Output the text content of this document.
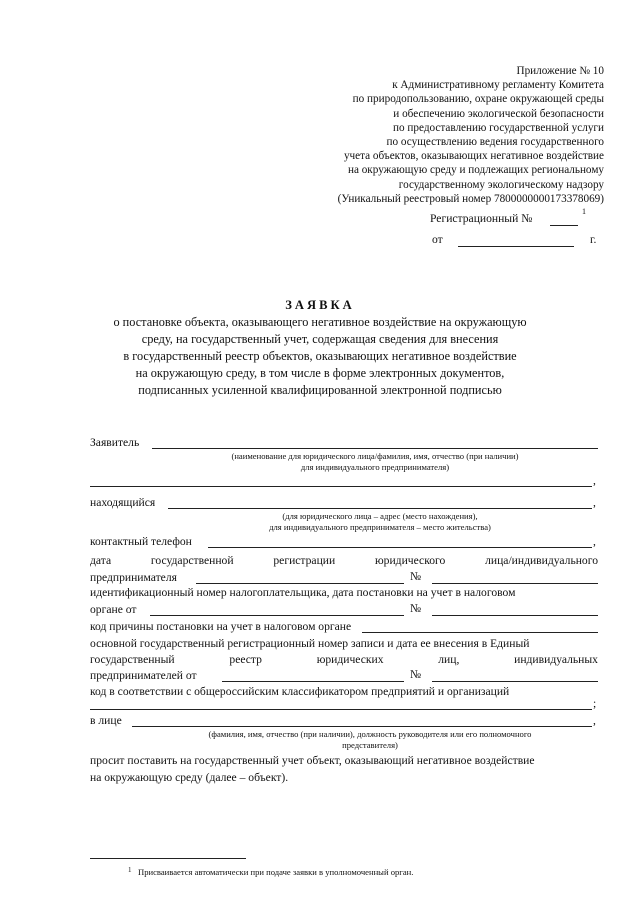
Приложение № 10
к Административному регламенту Комитета
по природопользованию, охране окружающей среды
и обеспечению экологической безопасности
по предоставлению государственной услуги
по осуществлению ведения государственного
учета объектов, оказывающих негативное воздействие
на окружающую среду и подлежащих региональному
государственному экологическому надзору
(Уникальный реестровый номер 7800000000173378069)
Регистрационный №
1
от	г.
ЗАЯВКА
о постановке объекта, оказывающего негативное воздействие на окружающую
среду, на государственный учет, содержащая сведения для внесения
в государственный реестр объектов, оказывающих негативное воздействие
на окружающую среду, в том числе в форме электронных документов,
подписанных усиленной квалифицированной электронной подписью
Заявитель
(наименование для юридического лица/фамилия, имя, отчество (при наличии)
для индивидуального предпринимателя)
,
находящийся	,
(для юридического лица – адрес (место нахождения),
для индивидуального предпринимателя – место жительства)
контактный телефон	,
дата	государственной	регистрации	юридического	лица/индивидуального
предпринимателя	№
идентификационный номер налогоплательщика, дата постановки на учет в налоговом
органе от	№
код причины постановки на учет в налоговом органе
основной государственный регистрационный номер записи и дата ее внесения в Единый
государственный	реестр	юридических	лиц,	индивидуальных
предпринимателей от	№
код в соответствии с общероссийским классификатором предприятий и организаций
;
в лице	,
(фамилия, имя, отчество (при наличии), должность руководителя или его полномочного
представителя)
просит поставить на государственный учет объект, оказывающий негативное воздействие
на окружающую среду (далее – объект).
1 Присваивается автоматически при подаче заявки в уполномоченный орган.
